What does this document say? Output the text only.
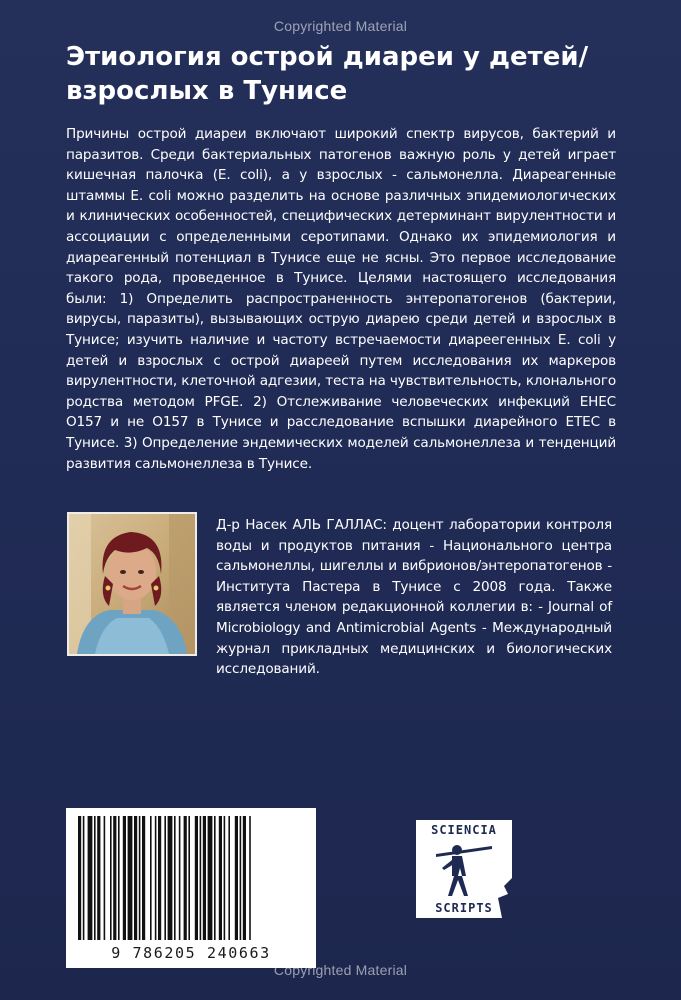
Copyrighted Material
Этиология острой диареи у детей/взрослых в Тунисе

Причины острой диареи включают широкий спектр вирусов, бактерий и паразитов. Среди бактериальных патогенов важную роль у детей играет кишечная палочка (E. coli), а у взрослых - сальмонелла. Диареагенные штаммы E. coli можно разделить на основе различных эпидемиологических и клинических особенностей, специфических детерминант вирулентности и ассоциации с определенными серотипами. Однако их эпидемиология и диареагенный потенциал в Тунисе еще не ясны. Это первое исследование такого рода, проведенное в Тунисе. Целями настоящего исследования были: 1) Определить распространенность энтеропатогенов (бактерии, вирусы, паразиты), вызывающих острую диарею среди детей и взрослых в Тунисе; изучить наличие и частоту встречаемости диареегенных E. coli у детей и взрослых с острой диареей путем исследования их маркеров вирулентности, клеточной адгезии, теста на чувствительность, клонального родства методом PFGE. 2) Отслеживание человеческих инфекций EHEC O157 и не O157 в Тунисе и расследование вспышки диарейного ETEC в Тунисе. 3) Определение эндемических моделей сальмонеллеза и тенденций развития сальмонеллеза в Тунисе.

Д-р Насек АЛЬ ГАЛЛАС: доцент лаборатории контроля воды и продуктов питания - Национального центра сальмонеллы, шигеллы и вибрионов/энтеропатогенов - Института Пастера в Тунисе с 2008 года. Также является членом редакционной коллегии в: - Journal of Microbiology and Antimicrobial Agents - Международный журнал прикладных медицинских и биологических исследований.

9 786205 240663
SCIENCIA
SCRIPTS
Copyrighted Material
